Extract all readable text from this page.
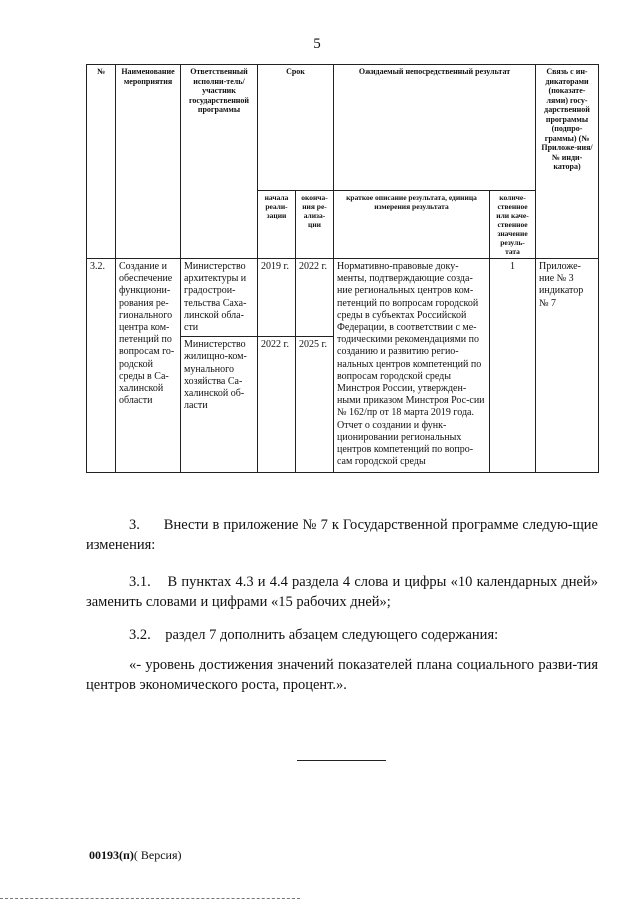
5
№	Наименование мероприятия	Ответственный исполни-тель/участник государственной программы	Срок		Ожидаемый непосредственный результат		Связь с ин-дикаторами (показате-лями) госу-дарственной программы (подпро-граммы) (№ Приложе-ния/№ инди-катора)
			начала реали-зации	оконча-ния ре-ализа-ции	краткое описание результата, единица измерения результата	количе-ственное или каче-ственное значение резуль-тата	
3.2.	Создание и обеспечение функциони-рования ре-гионального центра ком-петенций по вопросам го-родской среды в Са-халинской области	Министерство архитектуры и градострои-тельства Саха-линской обла-сти	2019 г.	2022 г.	Нормативно-правовые доку-менты, подтверждающие созда-ние региональных центров ком-петенций по вопросам городской среды в субъектах Российской Федерации, в соответствии с ме-тодическими рекомендациями по созданию и развитию регио-нальных центров компетенций по вопросам городской среды Минстроя России, утвержден-ными приказом Минстроя Рос-сии № 162/пр от 18 марта 2019 года. Отчет о создании и функ-ционировании региональных центров компетенций по вопро-сам городской среды	1	Приложе-ние № 3 индикатор № 7
		Министерство жилищно-ком-мунального хозяйства Са-халинской об-ласти	2022 г.	2025 г.			

3.      Внести в приложение № 7 к Государственной программе следую-щие изменения:

3.1.    В пунктах 4.3 и 4.4 раздела 4 слова и цифры «10 календарных дней» заменить словами и цифрами «15 рабочих дней»;

3.2.    раздел 7 дополнить абзацем следующего содержания:

«- уровень достижения значений показателей плана социального разви-тия центров экономического роста, процент.».

00193(п)( Версия)
